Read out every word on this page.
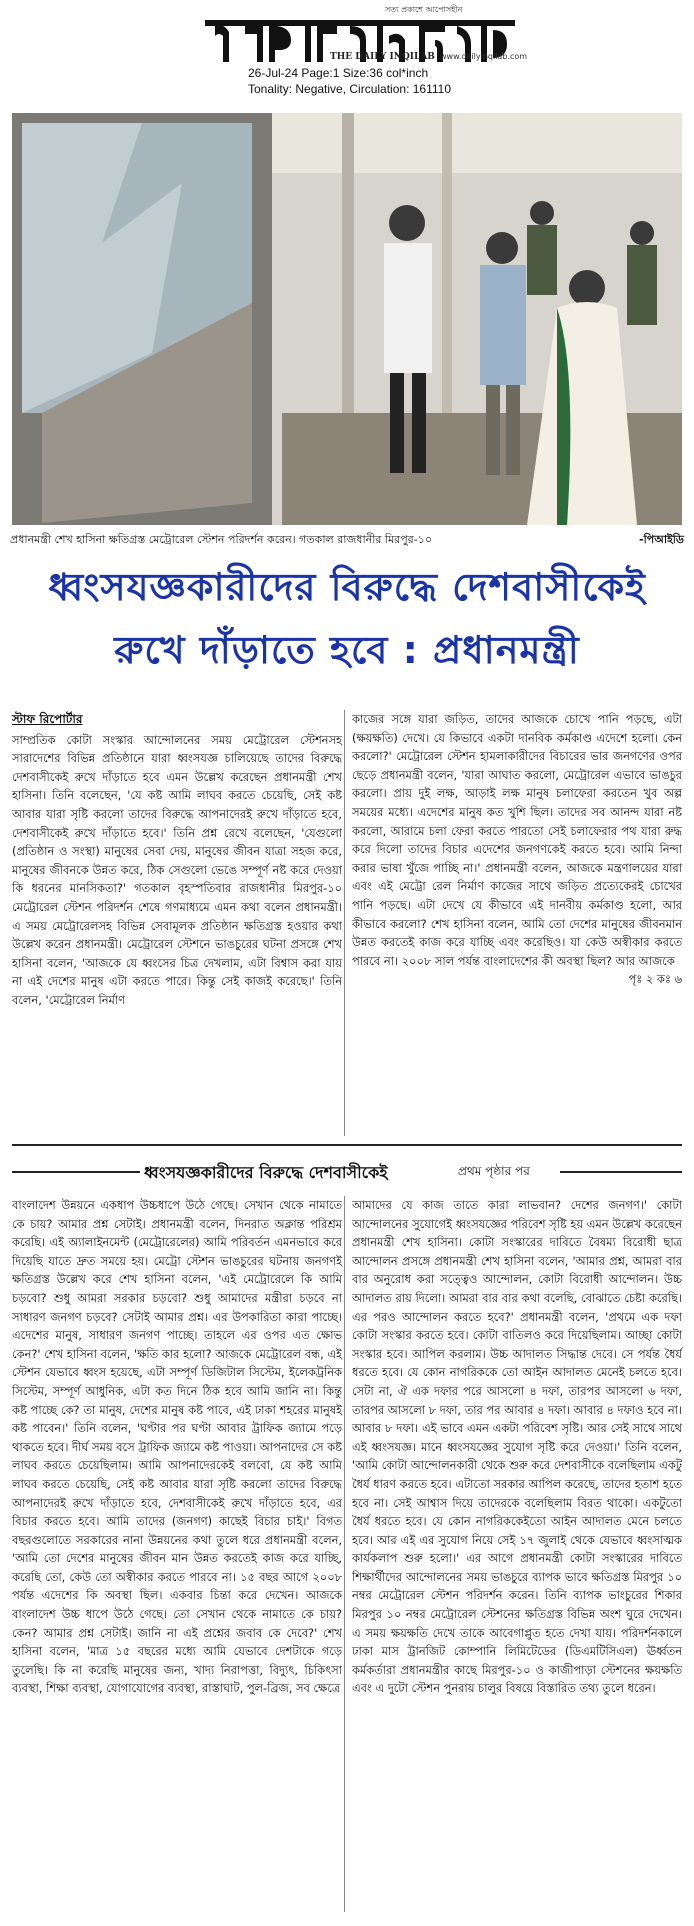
সত্য প্রকাশে আপোসহীন
THE DAILY INQILAB www.dailyinqilab.com
26-Jul-24 Page:1 Size:36 col*inch
Tonality: Negative, Circulation: 161110
প্রধানমন্ত্রী শেখ হাসিনা ক্ষতিগ্রস্ত মেট্রোরেল স্টেশন পরিদর্শন করেন। গতকাল রাজধানীর মিরপুর-১০	-পিআইডি
ধ্বংসযজ্ঞকারীদের বিরুদ্ধে দেশবাসীকেই
রুখে দাঁড়াতে হবে : প্রধানমন্ত্রী
স্টাফ রিপোর্টার

সাম্প্রতিক কোটা সংস্কার আন্দোলনের সময় মেট্রোরেল স্টেশনসহ সারাদেশের বিভিন্ন প্রতিষ্ঠানে যারা ধ্বংসযজ্ঞ চালিয়েছে তাদের বিরুদ্ধে দেশবাসীকেই রুখে দাঁড়াতে হবে এমন উল্লেখ করেছেন প্রধানমন্ত্রী শেখ হাসিনা। তিনি বলেছেন, 'যে কষ্ট আমি লাঘব করতে চেয়েছি, সেই কষ্ট আবার যারা সৃষ্টি করলো তাদের বিরুদ্ধে আপনাদেরই রুখে দাঁড়াতে হবে, দেশবাসীকেই রুখে দাঁড়াতে হবে।' তিনি প্রশ্ন রেখে বলেছেন, 'যেগুলো (প্রতিষ্ঠান ও সংস্থা) মানুষের সেবা দেয়, মানুষের জীবন যাত্রা সহজ করে, মানুষের জীবনকে উন্নত করে, ঠিক সেগুলো ভেঙে সম্পূর্ণ নষ্ট করে দেওয়া কি ধরনের মানসিকতা?' গতকাল বৃহস্পতিবার রাজধানীর মিরপুর-১০ মেট্রোরেল স্টেশন পরিদর্শন শেষে গণমাধ্যমে এমন কথা বলেন প্রধানমন্ত্রী। এ সময় মেট্রোরেলসহ বিভিন্ন সেবামূলক প্রতিষ্ঠান ক্ষতিগ্রস্ত হওয়ার কথা উল্লেখ করেন প্রধানমন্ত্রী। মেট্রোরেল স্টেশনে ভাঙচুরের ঘটনা প্রসঙ্গে শেখ হাসিনা বলেন, 'আজকে যে ধ্বংসের চিত্র দেখলাম, এটা বিশ্বাস করা যায় না এই দেশের মানুষ এটা করতে পারে। কিন্তু সেই কাজই করেছে।' তিনি বলেন, 'মেট্রোরেল নির্মাণ

কাজের সঙ্গে যারা জড়িত, তাদের আজকে চোখে পানি পড়ছে, এটা (ক্ষয়ক্ষতি) দেখে। যে কিভাবে একটা দানবিক কর্মকাণ্ড এদেশে হলো। কেন করলো?' মেট্রোরেল স্টেশন হামলাকারীদের বিচারের ভার জনগণের ওপর ছেড়ে প্রধানমন্ত্রী বলেন, 'যারা আঘাত করলো, মেট্রোরেল এভাবে ভাঙচুর করলো। প্রায় দুই লক্ষ, আড়াই লক্ষ মানুষ চলাফেরা করতেন খুব অল্প সময়ের মধ্যে। এদেশের মানুষ কত খুশি ছিল। তাদের সব আনন্দ যারা নষ্ট করলো, আরামে চলা ফেরা করতে পারতো সেই চলাফেরার পথ যারা রুদ্ধ করে দিলো তাদের বিচার এদেশের জনগণকেই করতে হবে। আমি নিন্দা করার ভাষা খুঁজে পাচ্ছি না।' প্রধানমন্ত্রী বলেন, আজকে মন্ত্রণালয়ের যারা এবং এই মেট্রো রেল নির্মাণ কাজের সাথে জড়িত প্রত্যেকেরই চোখের পানি পড়ছে। এটা দেখে যে কীভাবে এই দানবীয় কর্মকাণ্ড হলো, আর কীভাবে করলো? শেখ হাসিনা বলেন, আমি তো দেশের মানুষের জীবনমান উন্নত করতেই কাজ করে যাচ্ছি এবং করেছিও। যা কেউ অস্বীকার করতে পারবে না। ২০০৮ সাল পর্যন্ত বাংলাদেশের কী অবস্থা ছিল? আর আজকে

পৃঃ ২ কঃ ৬

ধ্বংসযজ্ঞকারীদের বিরুদ্ধে দেশবাসীকেই	প্রথম পৃষ্ঠার পর

বাংলাদেশ উন্নয়নে একধাপ উচ্চধাপে উঠে গেছে। সেখান থেকে নামাতে কে চায়? আমার প্রশ্ন সেটাই। প্রধানমন্ত্রী বলেন, দিনরাত অক্লান্ত পরিশ্রম করেছি। এই অ্যালাইনমেন্ট (মেট্রোরেলের) আমি পরিবর্তন এমনভাবে করে দিয়েছি যাতে দ্রুত সময়ে হয়। মেট্রো স্টেশন ভাঙচুরের ঘটনায় জনগণই ক্ষতিগ্রস্ত উল্লেখ করে শেখ হাসিনা বলেন, 'এই মেট্রোরেলে কি আমি চড়বো? শুধু আমরা সরকার চড়বো? শুধু আমাদের মন্ত্রীরা চড়বে না সাধারণ জনগণ চড়বে? সেটাই আমার প্রশ্ন। এর উপকারিতা কারা পাচ্ছে। এদেশের মানুষ, সাধারণ জনগণ পাচ্ছে। তাহলে এর ওপর এত ক্ষোভ কেন?' শেখ হাসিনা বলেন, 'ক্ষতি কার হলো? আজকে মেট্রোরেল বন্ধ, এই স্টেশন যেভাবে ধ্বংস হয়েছে, এটা সম্পূর্ণ ডিজিটাল সিস্টেম, ইলেকট্রনিক সিস্টেম, সম্পূর্ণ আধুনিক, এটা কত দিনে ঠিক হবে আমি জানি না। কিন্তু কষ্ট পাচ্ছে কে? তা মানুষ, দেশের মানুষ কষ্ট পাবে, এই ঢাকা শহরের মানুষই কষ্ট পাবেন।' তিনি বলেন, 'ঘণ্টার পর ঘণ্টা আবার ট্রাফিক জ্যামে পড়ে থাকতে হবে। দীর্ঘ সময় বসে ট্রাফিক জ্যামে কষ্ট পাওয়া। আপনাদের সে কষ্ট লাঘব করতে চেয়েছিলাম। আমি আপনাদেরকেই বলবো, যে কষ্ট আমি লাঘব করতে চেয়েছি, সেই কষ্ট আবার যারা সৃষ্টি করলো তাদের বিরুদ্ধে আপনাদেরই রুখে দাঁড়াতে হবে, দেশবাসীকেই রুখে দাঁড়াতে হবে, এর বিচার করতে হবে। আমি তাদের (জনগণ) কাছেই বিচার চাই।' বিগত বছরগুলোতে সরকারের নানা উন্নয়নের কথা তুলে ধরে প্রধানমন্ত্রী বলেন, 'আমি তো দেশের মানুষের জীবন মান উন্নত করতেই কাজ করে যাচ্ছি, করেছি তো, কেউ তো অস্বীকার করতে পারবে না। ১৫ বছর আগে ২০০৮ পর্যন্ত এদেশের কি অবস্থা ছিল। একবার চিন্তা করে দেখেন। আজকে বাংলাদেশ উচ্চ ধাপে উঠে গেছে। তো সেখান থেকে নামাতে কে চায়? কেন? আমার প্রশ্ন সেটাই। জানি না এই প্রশ্নের জবাব কে দেবে?' শেখ হাসিনা বলেন, 'মাত্র ১৫ বছরের মধ্যে আমি যেভাবে দেশটাকে গড়ে তুলেছি। কি না করেছি মানুষের জন্য, খাদ্য নিরাপত্তা, বিদ্যুৎ, চিকিৎসা ব্যবস্থা, শিক্ষা ব্যবস্থা, যোগাযোগের ব্যবস্থা, রাস্তাঘাট, পুল-ব্রিজ, সব ক্ষেত্রে

আমাদের যে কাজ তাতে কারা লাভবান? দেশের জনগণ।' কোটা আন্দোলনের সুযোগেই ধ্বংসযজ্ঞের পরিবেশ সৃষ্টি হয় এমন উল্লেখ করেছেন প্রধানমন্ত্রী শেখ হাসিনা। কোটা সংস্কারের দাবিতে বৈষম্য বিরোধী ছাত্র আন্দোলন প্রসঙ্গে প্রধানমন্ত্রী শেখ হাসিনা বলেন, 'আমার প্রশ্ন, আমরা বার বার অনুরোধ করা সত্ত্বেও আন্দোলন, কোটা বিরোধী আন্দোলন। উচ্চ আদালত রায় দিলো। আমরা বার বার কথা বলেছি, বোঝাতে চেষ্টা করেছি। এর পরও আন্দোলন করতে হবে?' প্রধানমন্ত্রী বলেন, 'প্রথমে এক দফা কোটা সংস্কার করতে হবে। কোটা বাতিলও করে দিয়েছিলাম। আচ্ছা কোটা সংস্কার হবে। আপিল করলাম। উচ্চ আদালত সিদ্ধান্ত দেবে। সে পর্যন্ত ধৈর্য ধরতে হবে। যে কোন নাগরিককে তো আইন আদালত মেনেই চলতে হবে। সেটা না, ঐ এক দফার পরে আসলো ৪ দফা, তারপর আসলো ৬ দফা, তারপর আসলো ৮ দফা, তার পর আবার ৪ দফা। আবার ৪ দফাও হবে না। আবার ৮ দফা। এই ভাবে এমন একটা পরিবেশ সৃষ্টি। আর সেই সাথে সাথে এই ধ্বংসযজ্ঞ। মানে ধ্বংসযজ্ঞের সুযোগ সৃষ্টি করে দেওয়া।' তিনি বলেন, 'আমি কোটা আন্দোলনকারী থেকে শুরু করে দেশবাসীকে বলেছিলাম একটু ধৈর্য ধারণ করতে হবে। এটাতো সরকার আপিল করেছে, তাদের হতাশ হতে হবে না। সেই আশ্বাস দিয়ে তাদেরকে বলেছিলাম বিরত থাকো। একটুতো ধৈর্য ধরতে হবে। যে কোন নাগরিককেইতো আইন আদালত মেনে চলতে হবে। আর এই এর সুযোগ নিয়ে সেই ১৭ জুলাই থেকে যেভাবে ধ্বংসাত্মক কার্যকলাপ শুরু হলো।' এর আগে প্রধানমন্ত্রী কোটা সংস্কারের দাবিতে শিক্ষার্থীদের আন্দোলনের সময় ভাঙচুরে ব্যাপক ভাবে ক্ষতিগ্রস্ত মিরপুর ১০ নম্বর মেট্রোরেল স্টেশন পরিদর্শন করেন। তিনি ব্যাপক ভাংচুরের শিকার মিরপুর ১০ নম্বর মেট্রোরেল স্টেশনের ক্ষতিগ্রস্ত বিভিন্ন অংশ ঘুরে দেখেন। এ সময় ক্ষয়ক্ষতি দেখে তাকে আবেগাপ্লুত হতে দেখা যায়। পরিদর্শনকালে ঢাকা মাস ট্রানজিট কোম্পানি লিমিটেডের (ডিএমটিসিএল) ঊর্ধ্বতন কর্মকর্তারা প্রধানমন্ত্রীর কাছে মিরপুর-১০ ও কাজীপাড়া স্টেশনের ক্ষয়ক্ষতি এবং এ দুটো স্টেশন পুনরায় চালুর বিষয়ে বিস্তারিত তথ্য তুলে ধরেন।
